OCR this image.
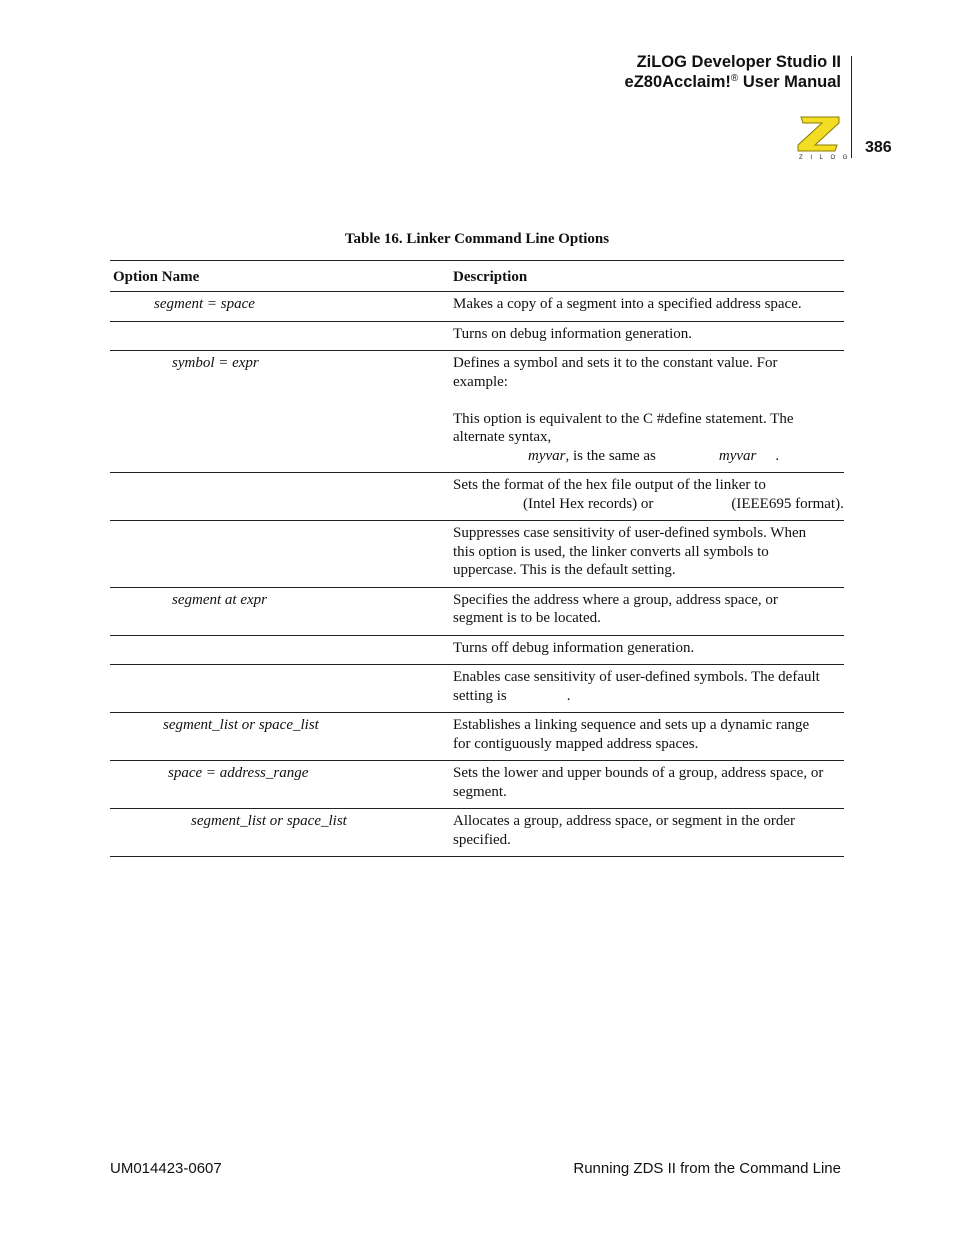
ZiLOG Developer Studio II
eZ80Acclaim!® User Manual
Z I L O G
386
Table 16. Linker Command Line Options
Option Name	Description
segment = space	Makes a copy of a segment into a specified address space.

	Turns on debug information generation.

symbol = expr	Defines a symbol and sets it to the constant value. For
example:
This option is equivalent to the C #define statement. The
alternate syntax,
myvar, is the same as myvar .

	Sets the format of the hex file output of the linker to
(Intel Hex records) or (IEEE695 format).

	Suppresses case sensitivity of user-defined symbols. When
this option is used, the linker converts all symbols to
uppercase. This is the default setting.

segment at expr	Specifies the address where a group, address space, or
segment is to be located.

	Turns off debug information generation.

	Enables case sensitivity of user-defined symbols. The default
setting is .

segment_list or space_list	Establishes a linking sequence and sets up a dynamic range
for contiguously mapped address spaces.

space = address_range	Sets the lower and upper bounds of a group, address space, or
segment.

segment_list or space_list	Allocates a group, address space, or segment in the order
specified.
UM014423-0607	Running ZDS II from the Command Line
